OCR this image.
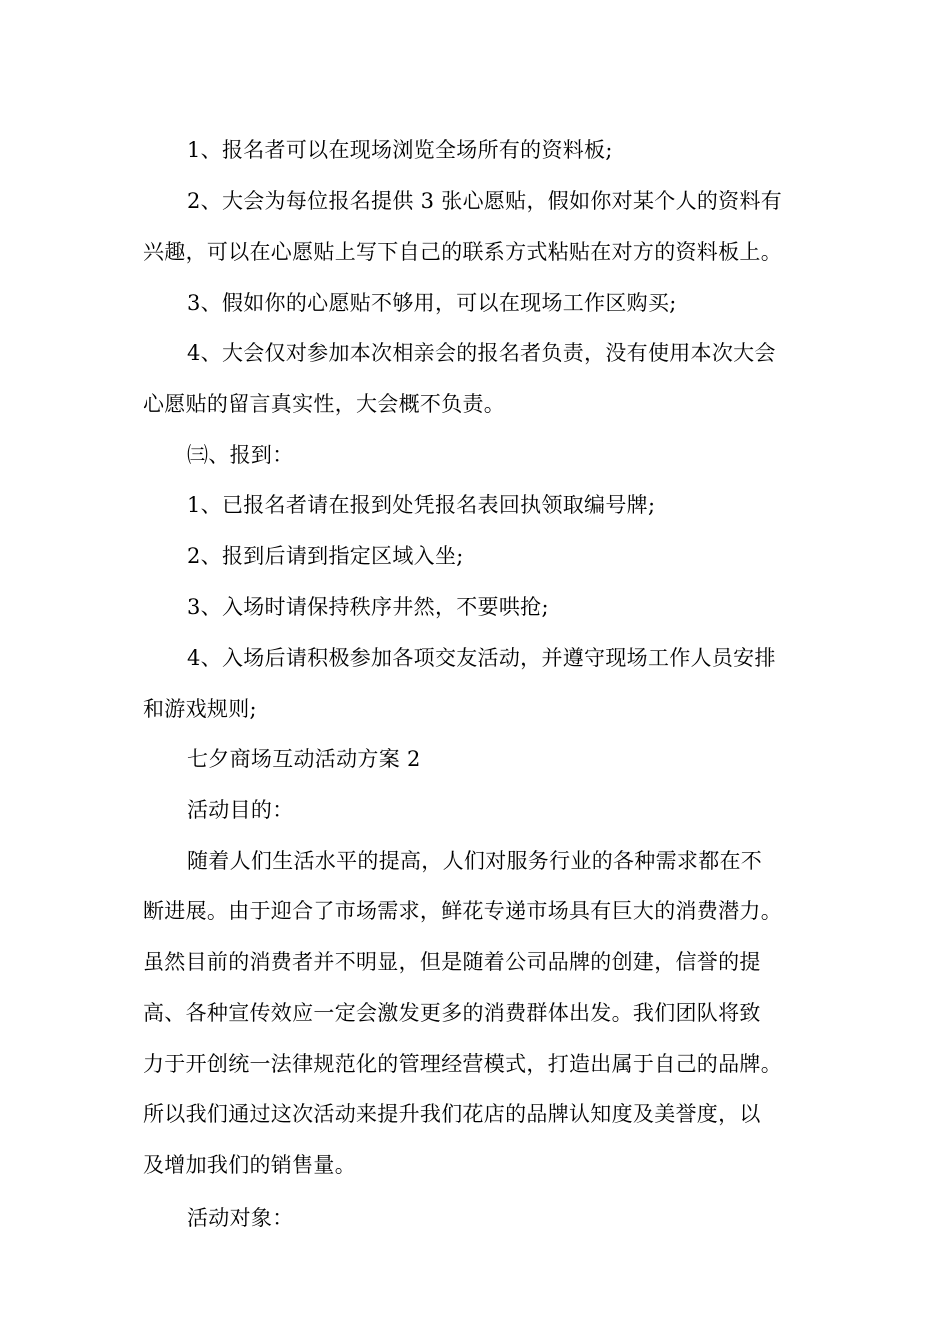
1、报名者可以在现场浏览全场所有的资料板;
2、大会为每位报名提供 3 张心愿贴，假如你对某个人的资料有
兴趣，可以在心愿贴上写下自己的联系方式粘贴在对方的资料板上。
3、假如你的心愿贴不够用，可以在现场工作区购买;
4、大会仅对参加本次相亲会的报名者负责，没有使用本次大会
心愿贴的留言真实性，大会概不负责。
㈢、报到：
1、已报名者请在报到处凭报名表回执领取编号牌;
2、报到后请到指定区域入坐;
3、入场时请保持秩序井然，不要哄抢;
4、入场后请积极参加各项交友活动，并遵守现场工作人员安排
和游戏规则;
七夕商场互动活动方案 2
活动目的：
随着人们生活水平的提高，人们对服务行业的各种需求都在不
断进展。由于迎合了市场需求，鲜花专递市场具有巨大的消费潜力。
虽然目前的消费者并不明显，但是随着公司品牌的创建，信誉的提
高、各种宣传效应一定会激发更多的消费群体出发。我们团队将致
力于开创统一法律规范化的管理经营模式，打造出属于自己的品牌。
所以我们通过这次活动来提升我们花店的品牌认知度及美誉度，以
及增加我们的销售量。
活动对象：
